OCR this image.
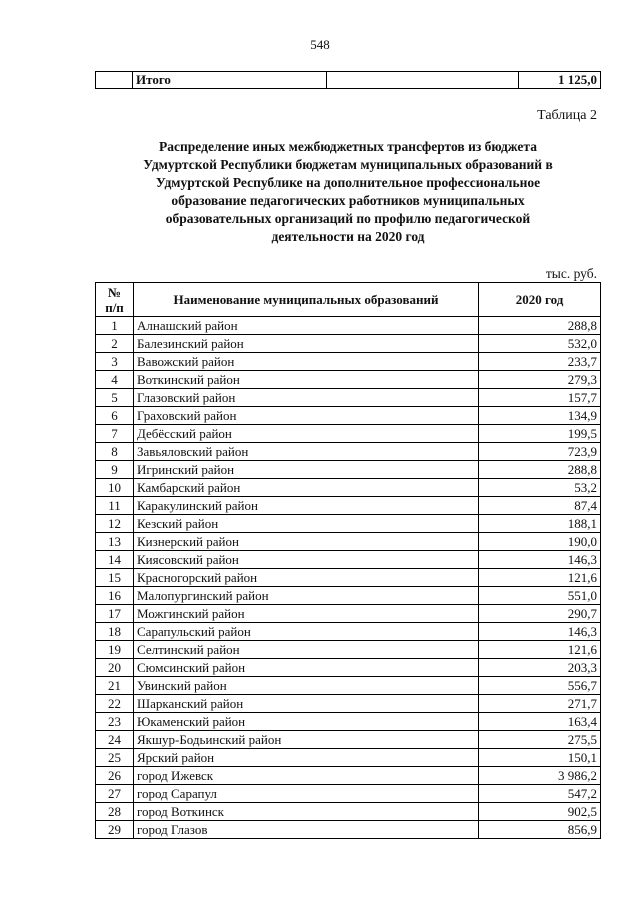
548
	Итого		1 125,0
Таблица 2
Распределение иных межбюджетных трансфертов из бюджета
Удмуртской Республики бюджетам муниципальных образований в
Удмуртской Республике на дополнительное профессиональное
образование педагогических работников муниципальных
образовательных организаций по профилю педагогической
деятельности на 2020 год
тыс. руб.
№
п/п	Наименование муниципальных образований	2020 год
1	Алнашский район	288,8
2	Балезинский район	532,0
3	Вавожский район	233,7
4	Воткинский район	279,3
5	Глазовский район	157,7
6	Граховский район	134,9
7	Дебёсский район	199,5
8	Завьяловский район	723,9
9	Игринский район	288,8
10	Камбарский район	53,2
11	Каракулинский район	87,4
12	Кезский район	188,1
13	Кизнерский район	190,0
14	Киясовский район	146,3
15	Красногорский район	121,6
16	Малопургинский район	551,0
17	Можгинский район	290,7
18	Сарапульский район	146,3
19	Селтинский район	121,6
20	Сюмсинский район	203,3
21	Увинский район	556,7
22	Шарканский район	271,7
23	Юкаменский район	163,4
24	Якшур-Бодьинский район	275,5
25	Ярский район	150,1
26	город Ижевск	3 986,2
27	город Сарапул	547,2
28	город Воткинск	902,5
29	город Глазов	856,9
